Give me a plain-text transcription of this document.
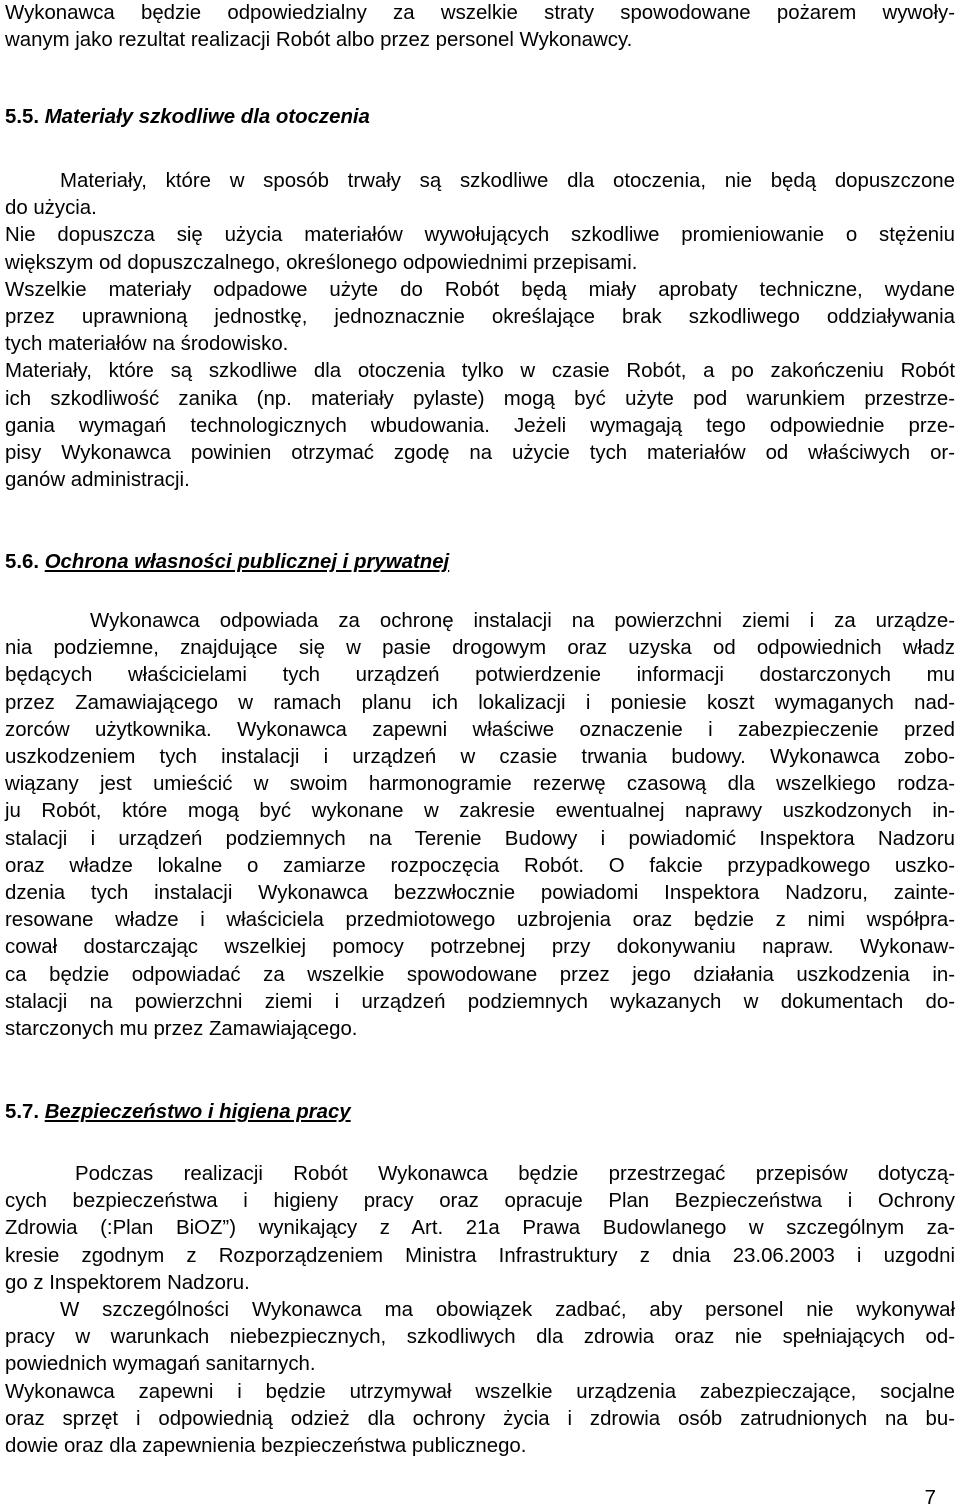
Wykonawca będzie odpowiedzialny za wszelkie straty spowodowane pożarem wywoły-
wanym jako rezultat realizacji Robót albo przez personel Wykonawcy.
5.5. Materiały szkodliwe dla otoczenia
Materiały, które w sposób trwały są szkodliwe dla otoczenia, nie będą dopuszczone
do użycia.
Nie dopuszcza się użycia materiałów wywołujących szkodliwe promieniowanie o stężeniu
większym od dopuszczalnego, określonego odpowiednimi przepisami.
Wszelkie materiały odpadowe użyte do Robót będą miały aprobaty techniczne, wydane
przez uprawnioną jednostkę, jednoznacznie określające brak szkodliwego oddziaływania
tych materiałów na środowisko.
Materiały, które są szkodliwe dla otoczenia tylko w czasie Robót, a po zakończeniu Robót
ich szkodliwość zanika (np. materiały pylaste) mogą być użyte pod warunkiem przestrze-
gania wymagań technologicznych wbudowania. Jeżeli wymagają tego odpowiednie prze-
pisy Wykonawca powinien otrzymać zgodę na użycie tych materiałów od właściwych or-
ganów administracji.
5.6. Ochrona własności publicznej i prywatnej
Wykonawca odpowiada za ochronę instalacji na powierzchni ziemi i za urządze-
nia podziemne, znajdujące się w pasie drogowym oraz uzyska od odpowiednich władz
będących właścicielami tych urządzeń potwierdzenie informacji dostarczonych mu
przez Zamawiającego w ramach planu ich lokalizacji i poniesie koszt wymaganych nad-
zorców użytkownika. Wykonawca zapewni właściwe oznaczenie i zabezpieczenie przed
uszkodzeniem tych instalacji i urządzeń w czasie trwania budowy. Wykonawca zobo-
wiązany jest umieścić w swoim harmonogramie rezerwę czasową dla wszelkiego rodza-
ju Robót, które mogą być wykonane w zakresie ewentualnej naprawy uszkodzonych in-
stalacji i urządzeń podziemnych na Terenie Budowy i powiadomić Inspektora Nadzoru
oraz władze lokalne o zamiarze rozpoczęcia Robót. O fakcie przypadkowego uszko-
dzenia tych instalacji Wykonawca bezzwłocznie powiadomi Inspektora Nadzoru, zainte-
resowane władze i właściciela przedmiotowego uzbrojenia oraz będzie z nimi współpra-
cował dostarczając wszelkiej pomocy potrzebnej przy dokonywaniu napraw. Wykonaw-
ca będzie odpowiadać za wszelkie spowodowane przez jego działania uszkodzenia in-
stalacji na powierzchni ziemi i urządzeń podziemnych wykazanych w dokumentach do-
starczonych mu przez Zamawiającego.
5.7. Bezpieczeństwo i higiena pracy
Podczas realizacji Robót Wykonawca będzie przestrzegać przepisów dotyczą-
cych bezpieczeństwa i higieny pracy oraz opracuje Plan Bezpieczeństwa i Ochrony
Zdrowia (:Plan BiOZ”) wynikający z Art. 21a Prawa Budowlanego w szczególnym za-
kresie zgodnym z Rozporządzeniem Ministra Infrastruktury z dnia 23.06.2003 i uzgodni
go z Inspektorem Nadzoru.
W szczególności Wykonawca ma obowiązek zadbać, aby personel nie wykonywał
pracy w warunkach niebezpiecznych, szkodliwych dla zdrowia oraz nie spełniających od-
powiednich wymagań sanitarnych.
Wykonawca zapewni i będzie utrzymywał wszelkie urządzenia zabezpieczające, socjalne
oraz sprzęt i odpowiednią odzież dla ochrony życia i zdrowia osób zatrudnionych na bu-
dowie oraz dla zapewnienia bezpieczeństwa publicznego.
7
